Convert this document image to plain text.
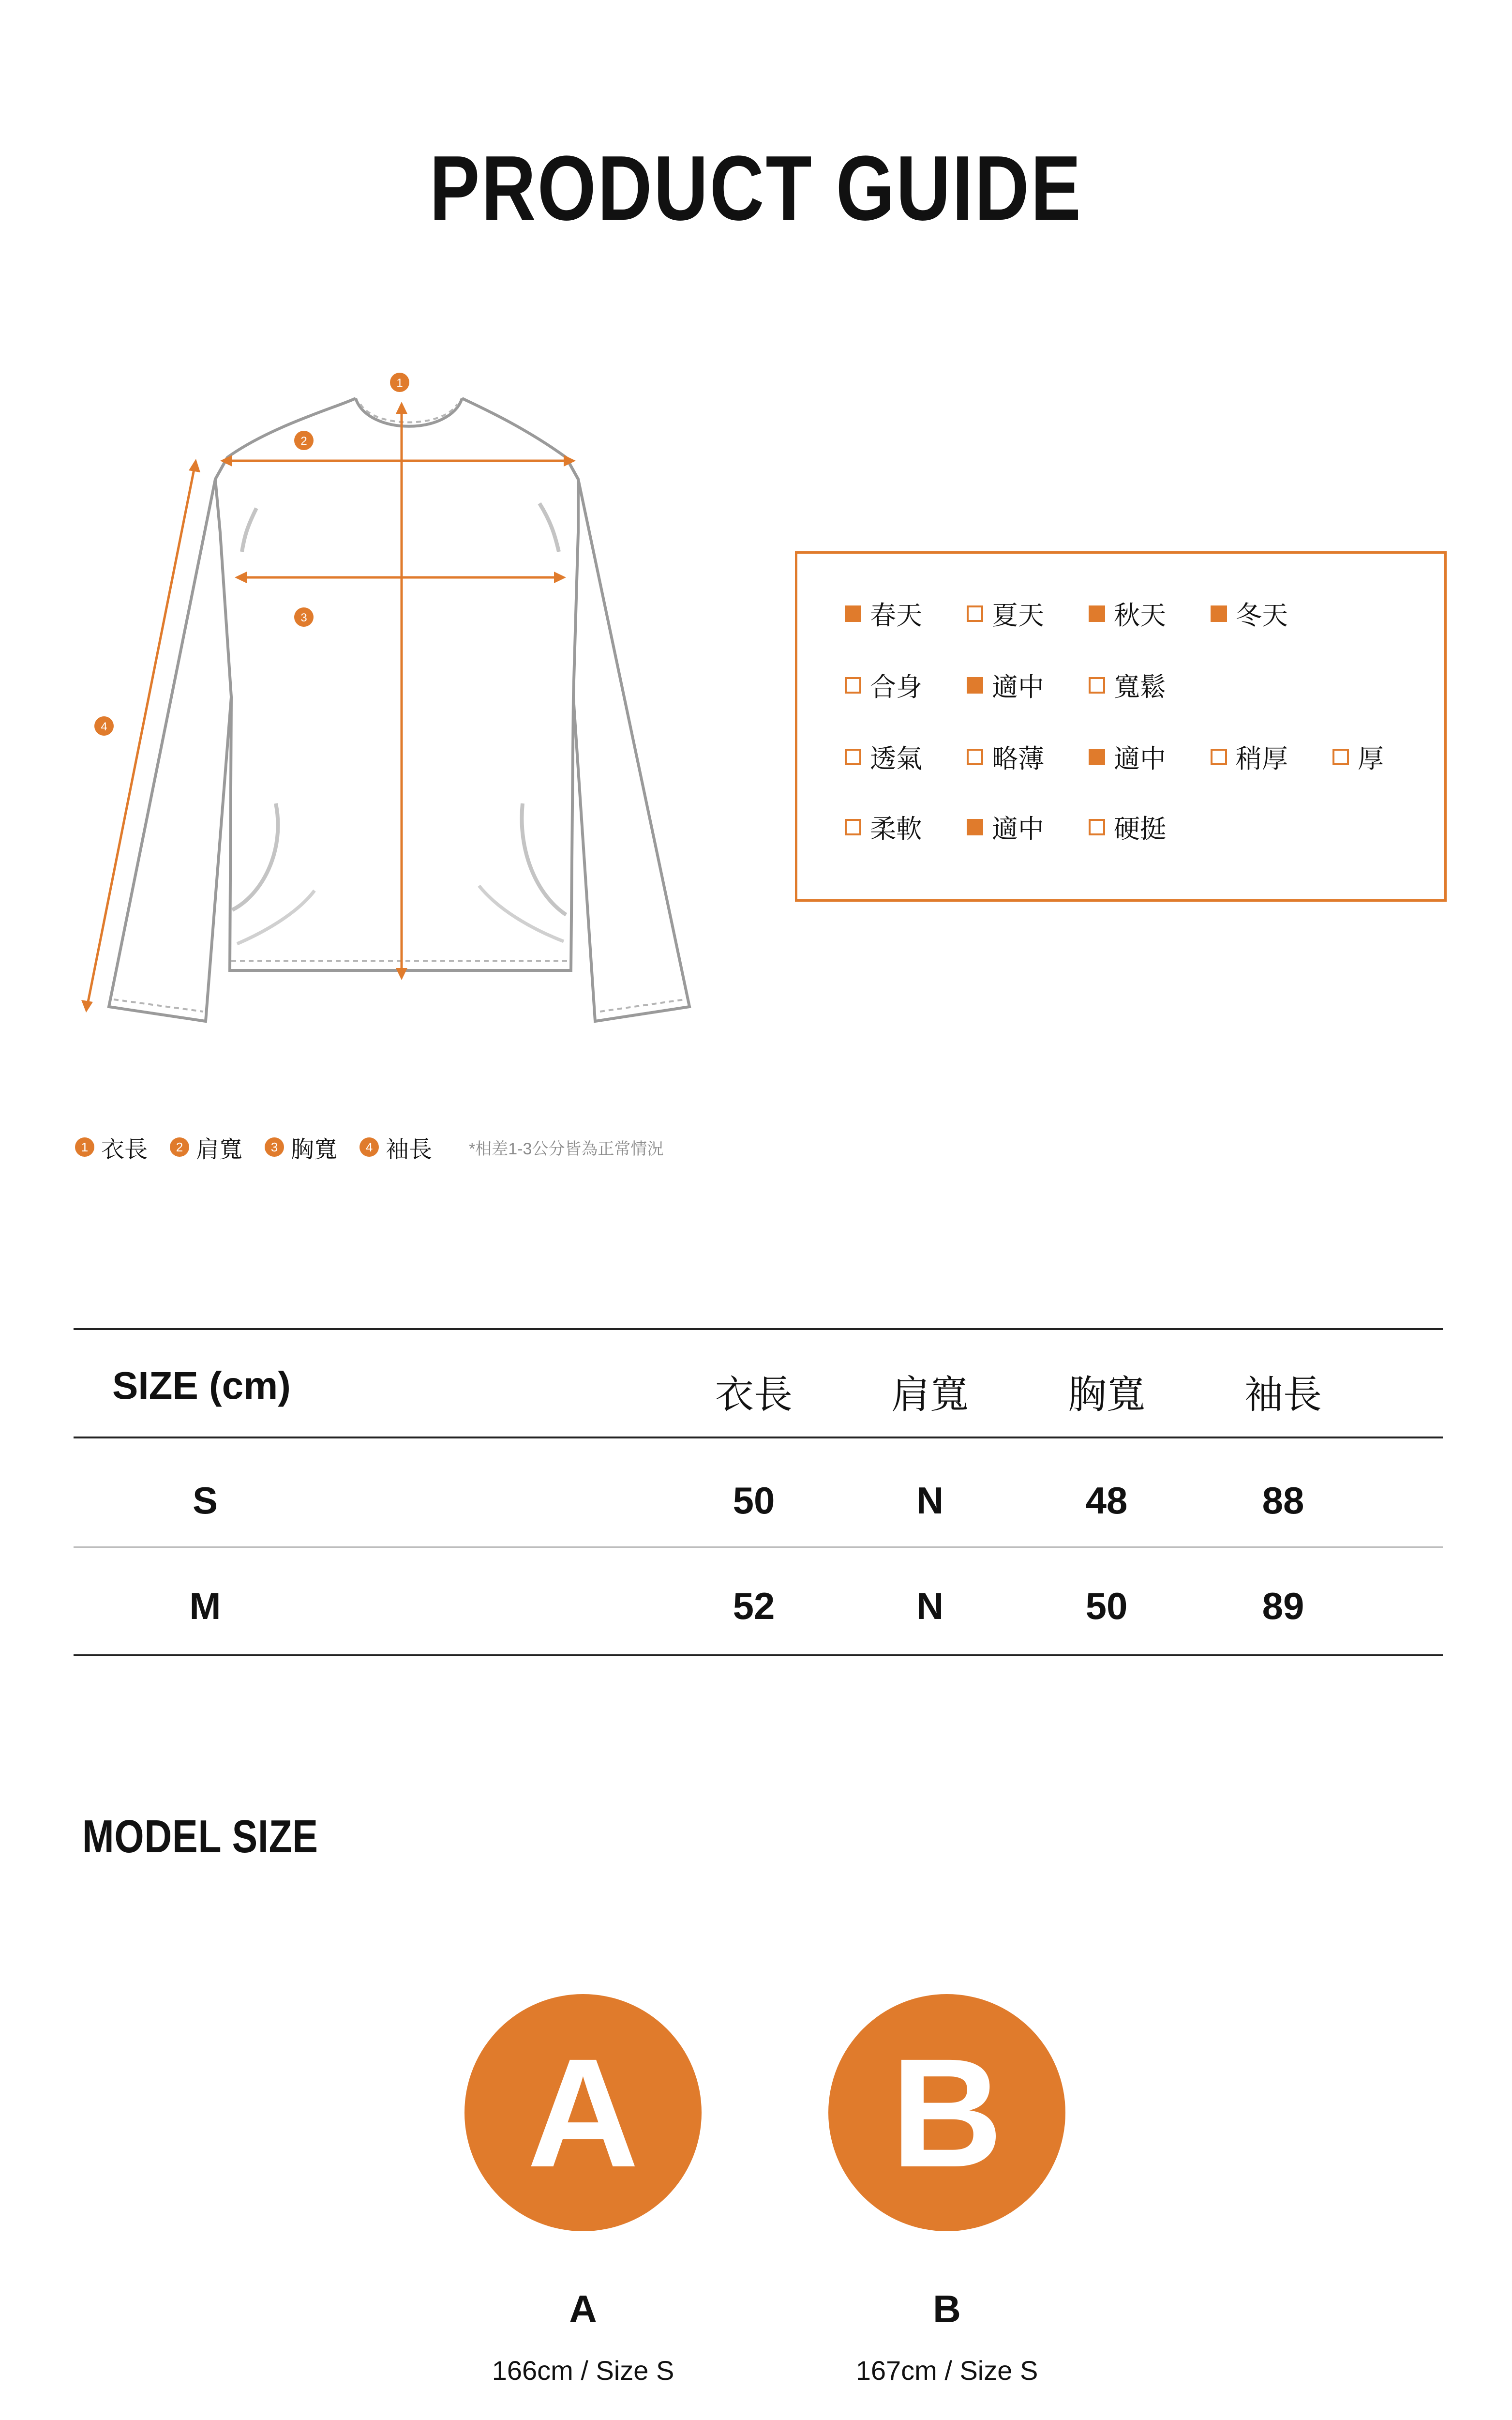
PRODUCT GUIDE
1
2
3
4
春天	夏天	秋天	冬天
合身	適中	寬鬆
透氣	略薄	適中	稍厚	厚
柔軟	適中	硬挺
1 衣長	2 肩寬	3 胸寬	4 袖長 *相差1-3公分皆為正常情況
SIZE (cm)	衣長	肩寬	胸寬	袖長
S	50	N	48	88
M	52	N	50	89
MODEL SIZE
A	B
A	B
166cm / Size S	167cm / Size S
